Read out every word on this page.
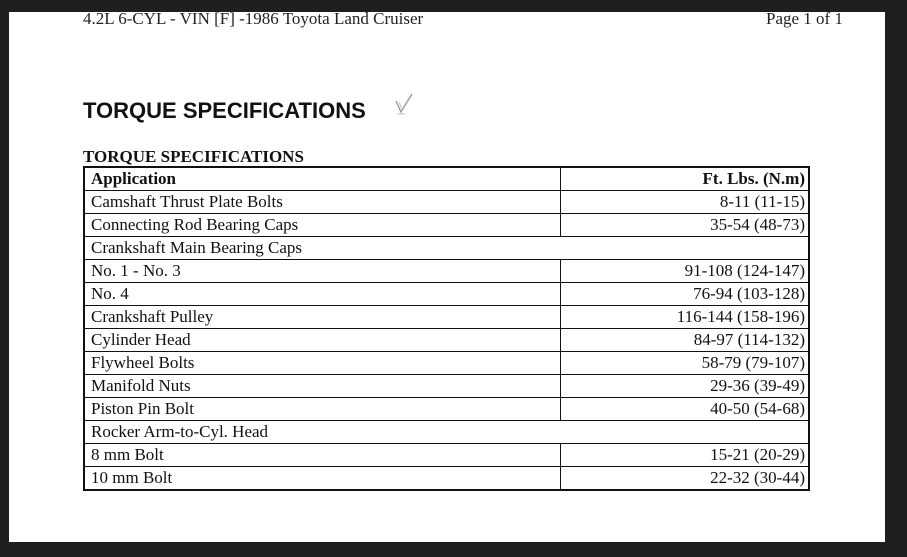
4.2L 6-CYL - VIN [F] -1986 Toyota Land Cruiser	Page 1 of 1
TORQUE SPECIFICATIONS
TORQUE SPECIFICATIONS
Application	Ft. Lbs. (N.m)
Camshaft Thrust Plate Bolts	8-11 (11-15)
Connecting Rod Bearing Caps	35-54 (48-73)
Crankshaft Main Bearing Caps	
No. 1 - No. 3	91-108 (124-147)
No. 4	76-94 (103-128)
Crankshaft Pulley	116-144 (158-196)
Cylinder Head	84-97 (114-132)
Flywheel Bolts	58-79 (79-107)
Manifold Nuts	29-36 (39-49)
Piston Pin Bolt	40-50 (54-68)
Rocker Arm-to-Cyl. Head	
8 mm Bolt	15-21 (20-29)
10 mm Bolt	22-32 (30-44)
